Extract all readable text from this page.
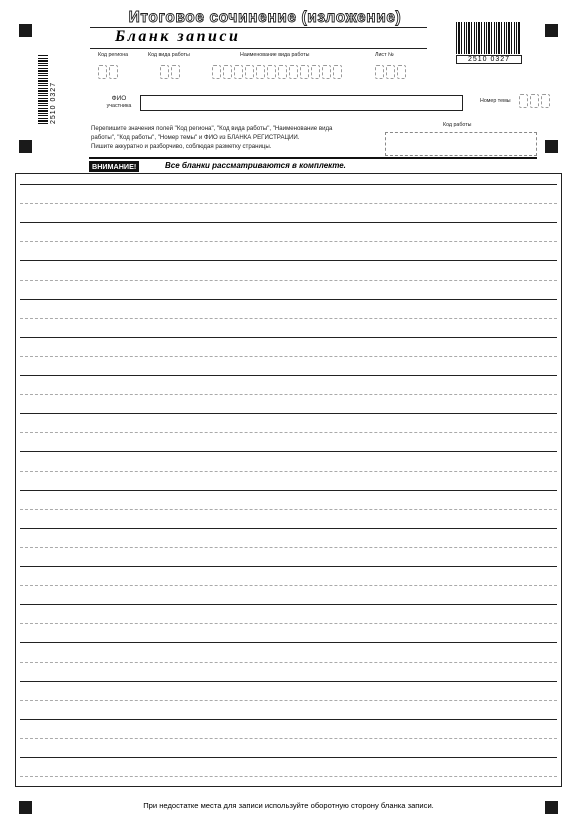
2510 0327
2510 0327
Итоговое сочинение (изложение)
Бланк записи
Код региона	Код вида работы	Наименование вида работы	Лист №
ФИО
участника
Номер темы
Перепишите значения полей "Код региона", "Код вида работы", "Наименование вида
работы", "Код работы", "Номер темы" и ФИО из БЛАНКА РЕГИСТРАЦИИ.
Пишите аккуратно и разборчиво, соблюдая разметку страницы.
Код работы
ВНИМАНИЕ!	Все бланки рассматриваются в комплекте.
При недостатке места для записи используйте оборотную сторону бланка записи.
